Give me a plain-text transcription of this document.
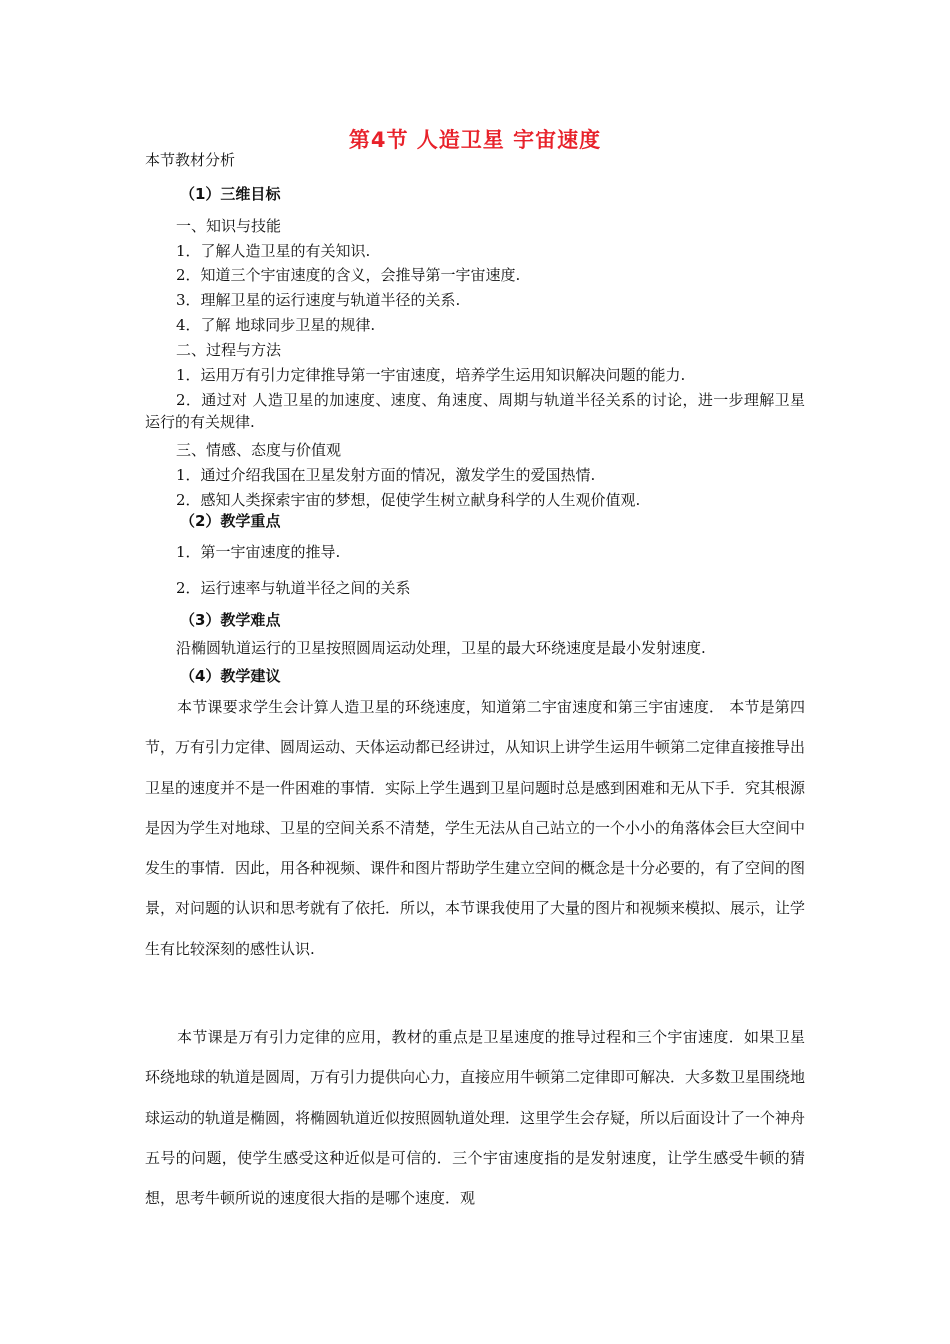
第4节 人造卫星 宇宙速度
本节教材分析
（1）三维目标
一、知识与技能
1．了解人造卫星的有关知识.
2．知道三个宇宙速度的含义，会推导第一宇宙速度.
3．理解卫星的运行速度与轨道半径的关系.
4．了解 地球同步卫星的规律.
二、过程与方法
1．运用万有引力定律推导第一宇宙速度，培养学生运用知识解决问题的能力.
2．通过对 人造卫星的加速度、速度、角速度、周期与轨道半径关系的讨论，进一步理解卫星运行的有关规律.
三、情感、态度与价值观
1．通过介绍我国在卫星发射方面的情况，激发学生的爱国热情.
2．感知人类探索宇宙的梦想，促使学生树立献身科学的人生观价值观.
（2）教学重点
1．第一宇宙速度的推导.
2．运行速率与轨道半径之间的关系
（3）教学难点
沿椭圆轨道运行的卫星按照圆周运动处理，卫星的最大环绕速度是最小发射速度.
（4）教学建议
本节课要求学生会计算人造卫星的环绕速度，知道第二宇宙速度和第三宇宙速度． 本节是第四节，万有引力定律、圆周运动、天体运动都已经讲过，从知识上讲学生运用牛顿第二定律直接推导出卫星的速度并不是一件困难的事情．实际上学生遇到卫星问题时总是感到困难和无从下手．究其根源是因为学生对地球、卫星的空间关系不清楚，学生无法从自己站立的一个小小的角落体会巨大空间中发生的事情．因此，用各种视频、课件和图片帮助学生建立空间的概念是十分必要的，有了空间的图景，对问题的认识和思考就有了依托．所以，本节课我使用了大量的图片和视频来模拟、展示，让学生有比较深刻的感性认识.
本节课是万有引力定律的应用，教材的重点是卫星速度的推导过程和三个宇宙速度．如果卫星环绕地球的轨道是圆周，万有引力提供向心力，直接应用牛顿第二定律即可解决．大多数卫星围绕地球运动的轨道是椭圆，将椭圆轨道近似按照圆轨道处理．这里学生会存疑，所以后面设计了一个神舟五号的问题，使学生感受这种近似是可信的．三个宇宙速度指的是发射速度，让学生感受牛顿的猜想，思考牛顿所说的速度很大指的是哪个速度．观
